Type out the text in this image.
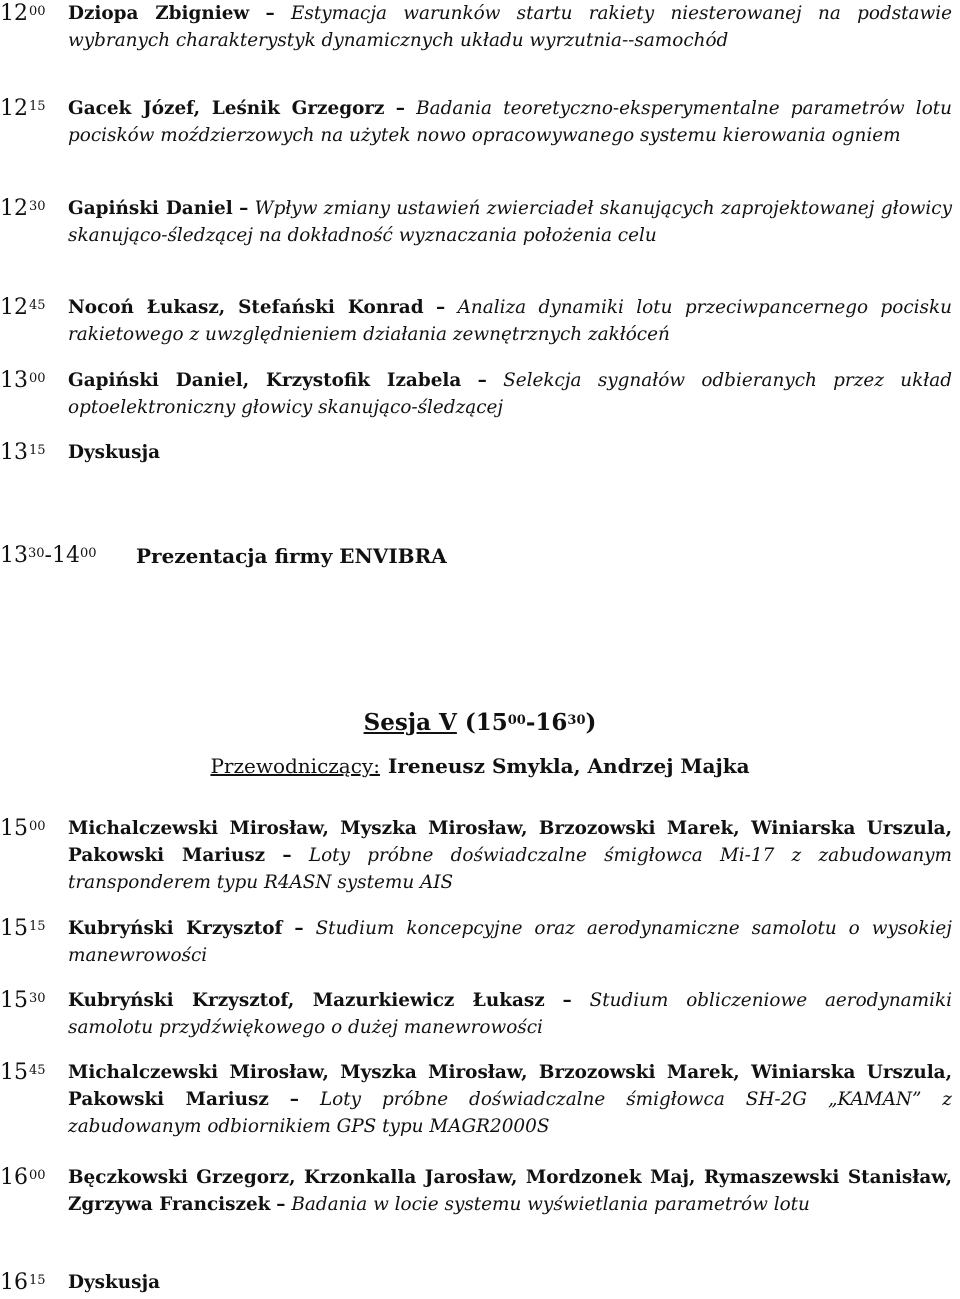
$12^{00}$ Dziopa Zbigniew – Estymacja warunków startu rakiety niesterowanej na podstawie wybranych charakterystyk dynamicznych układu wyrzutnia--samochód
$12^{15}$ Gacek Józef, Leśnik Grzegorz – Badania teoretyczno-eksperymentalne parametrów lotu pocisków moździerzowych na użytek nowo opracowywanego systemu kierowania ogniem
$12^{30}$ Gapiński Daniel – Wpływ zmiany ustawień zwierciadeł skanujących zaprojektowanej głowicy skanująco-śledzącej na dokładność wyznaczania położenia celu
$12^{45}$ Nocoń Łukasz, Stefański Konrad – Analiza dynamiki lotu przeciwpancernego pocisku rakietowego z uwzględnieniem działania zewnętrznych zakłóceń
$13^{00}$ Gapiński Daniel, Krzystofik Izabela – Selekcja sygnałów odbieranych przez układ optoelektroniczny głowicy skanująco-śledzącej
$13^{15}$ Dyskusja
$13^{30}-14^{00}$ Prezentacja firmy ENVIBRA
Sesja V $(15^{00}-16^{30})$
Przewodniczący: Ireneusz Smykla, Andrzej Majka
$15^{00}$ Michalczewski Mirosław, Myszka Mirosław, Brzozowski Marek, Winiarska Urszula, Pakowski Mariusz – Loty próbne doświadczalne śmigłowca Mi-17 z zabudowanym transponderem typu R4ASN systemu AIS
$15^{15}$ Kubryński Krzysztof – Studium koncepcyjne oraz aerodynamiczne samolotu o wysokiej manewrowości
$15^{30}$ Kubryński Krzysztof, Mazurkiewicz Łukasz – Studium obliczeniowe aerodynamiki samolotu przydźwiękowego o dużej manewrowości
$15^{45}$ Michalczewski Mirosław, Myszka Mirosław, Brzozowski Marek, Winiarska Urszula, Pakowski Mariusz – Loty próbne doświadczalne śmigłowca SH-2G „KAMAN” z zabudowanym odbiornikiem GPS typu MAGR2000S
$16^{00}$ Bęczkowski Grzegorz, Krzonkalla Jarosław, Mordzonek Maj, Rymaszewski Stanisław, Zgrzywa Franciszek – Badania w locie systemu wyświetlania parametrów lotu
$16^{15}$ Dyskusja
